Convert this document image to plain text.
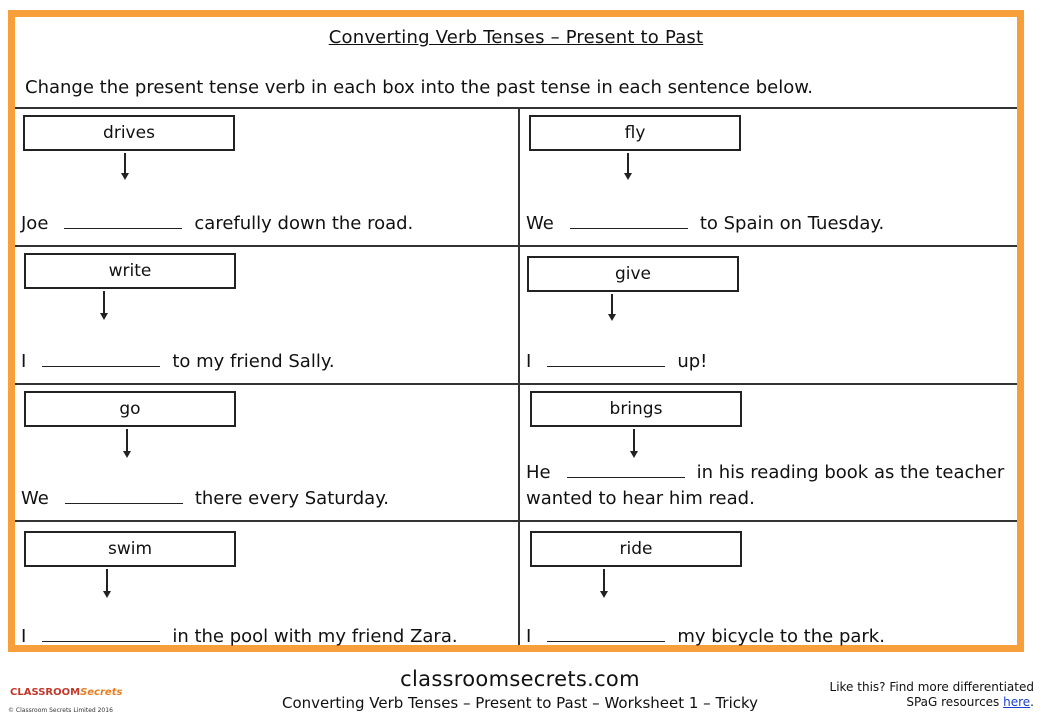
Converting Verb Tenses – Present to Past
Change the present tense verb in each box into the past tense in each sentence below.
drives
Joe	carefully down the road.
fly
We	to Spain on Tuesday.
write
I	to my friend Sally.
give
I	up!
go
We	there every Saturday.
brings
He	in his reading book as the teacher
wanted to hear him read.
swim
I	in the pool with my friend Zara.
ride
I	my bicycle to the park.
classroomsecrets.com
Converting Verb Tenses – Present to Past – Worksheet 1 – Tricky
CLASSROOMSecrets
© Classroom Secrets Limited 2016
Like this? Find more differentiated
SPaG resources here.
